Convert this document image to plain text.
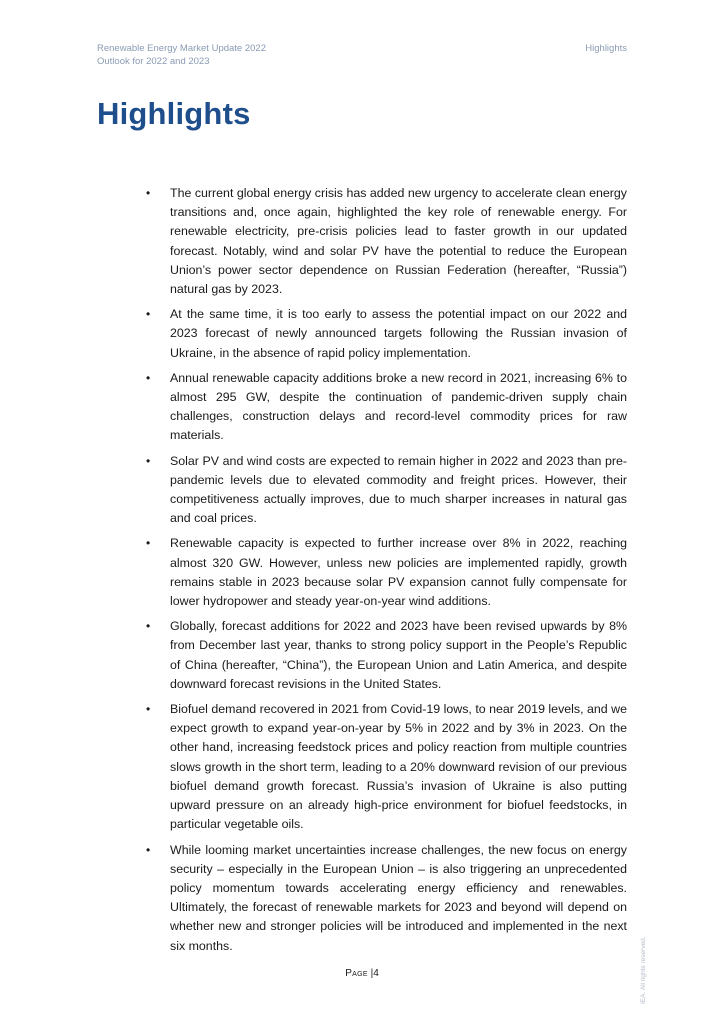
Renewable Energy Market Update 2022
Outlook for 2022 and 2023
Highlights
Highlights
•	The current global energy crisis has added new urgency to accelerate clean energy transitions and, once again, highlighted the key role of renewable energy. For renewable electricity, pre-crisis policies lead to faster growth in our updated forecast. Notably, wind and solar PV have the potential to reduce the European Union’s power sector dependence on Russian Federation (hereafter, “Russia”) natural gas by 2023.
•	At the same time, it is too early to assess the potential impact on our 2022 and 2023 forecast of newly announced targets following the Russian invasion of Ukraine, in the absence of rapid policy implementation.
•	Annual renewable capacity additions broke a new record in 2021, increasing 6% to almost 295 GW, despite the continuation of pandemic-driven supply chain challenges, construction delays and record-level commodity prices for raw materials.
•	Solar PV and wind costs are expected to remain higher in 2022 and 2023 than pre-pandemic levels due to elevated commodity and freight prices. However, their competitiveness actually improves, due to much sharper increases in natural gas and coal prices.
•	Renewable capacity is expected to further increase over 8% in 2022, reaching almost 320 GW. However, unless new policies are implemented rapidly, growth remains stable in 2023 because solar PV expansion cannot fully compensate for lower hydropower and steady year-on-year wind additions.
•	Globally, forecast additions for 2022 and 2023 have been revised upwards by 8% from December last year, thanks to strong policy support in the People’s Republic of China (hereafter, “China”), the European Union and Latin America, and despite downward forecast revisions in the United States.
•	Biofuel demand recovered in 2021 from Covid-19 lows, to near 2019 levels, and we expect growth to expand year-on-year by 5% in 2022 and by 3% in 2023. On the other hand, increasing feedstock prices and policy reaction from multiple countries slows growth in the short term, leading to a 20% downward revision of our previous biofuel demand growth forecast. Russia’s invasion of Ukraine is also putting upward pressure on an already high-price environment for biofuel feedstocks, in particular vegetable oils.
•	While looming market uncertainties increase challenges, the new focus on energy security – especially in the European Union – is also triggering an unprecedented policy momentum towards accelerating energy efficiency and renewables. Ultimately, the forecast of renewable markets for 2023 and beyond will depend on whether new and stronger policies will be introduced and implemented in the next six months.
Page |4	IEA. All rights reserved.
